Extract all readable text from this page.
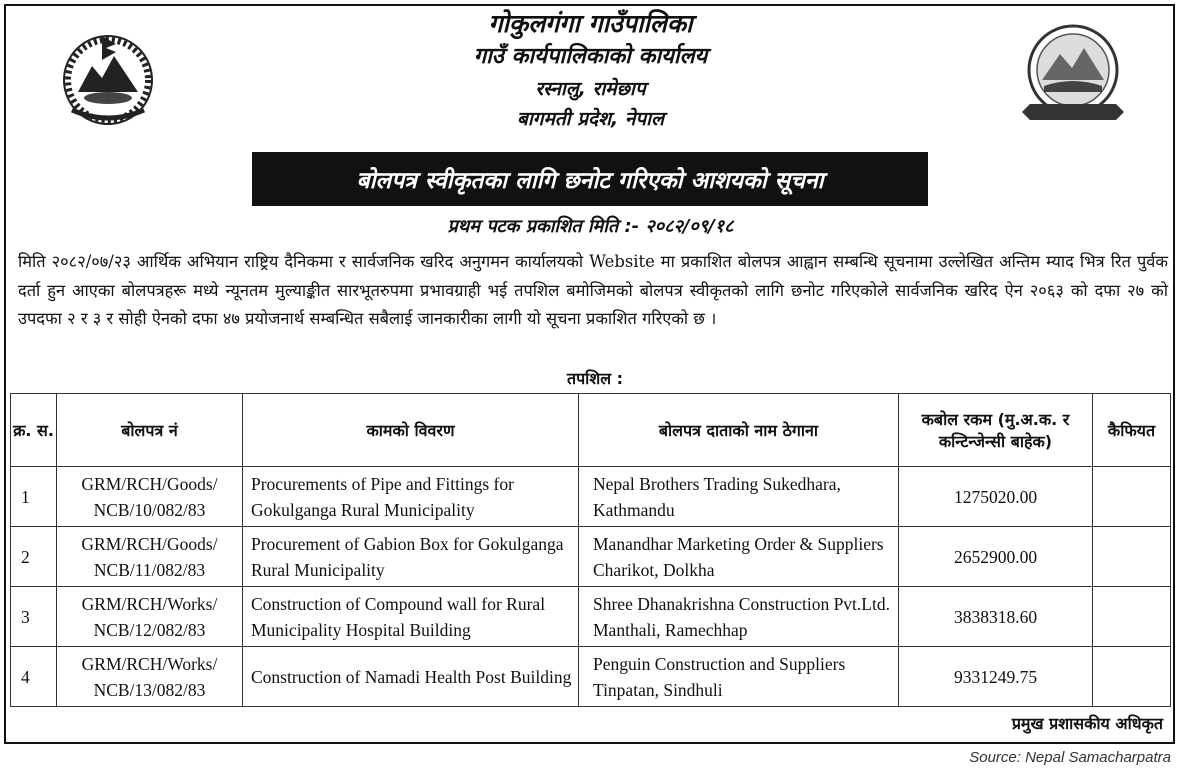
गोकुलगंगा गाउँपालिका
गाउँ कार्यपालिकाको कार्यालय
रस्नालु, रामेछाप
बागमती प्रदेश, नेपाल
बोलपत्र स्वीकृतका लागि छनोट गरिएको आशयको सूचना
प्रथम पटक प्रकाशित मिति :- २०८२/०९/१८
मिति २०८२/०७/२३ आर्थिक अभियान राष्ट्रिय दैनिकमा र सार्वजनिक खरिद अनुगमन कार्यालयको Website मा प्रकाशित बोलपत्र आह्वान सम्बन्धि सूचनामा उल्लेखित अन्तिम म्याद भित्र रित पुर्वक दर्ता हुन आएका बोलपत्रहरू मध्ये न्यूनतम मुल्याङ्कीत सारभूतरुपमा प्रभावग्राही भई तपशिल बमोजिमको बोलपत्र स्वीकृतको लागि छनोट गरिएकोले सार्वजनिक खरिद ऐन २०६३ को दफा २७ को उपदफा २ र ३ र सोही ऐनको दफा ४७ प्रयोजनार्थ सम्बन्धित सबैलाई जानकारीका लागी यो सूचना प्रकाशित गरिएको छ ।
तपशिल :
क्र. स.	बोलपत्र नं	कामको विवरण	बोलपत्र दाताको नाम ठेगाना	कबोल रकम (मु.अ.क. र कन्टिन्जेन्सी बाहेक)	कैफियत
1	GRM/RCH/Goods/ NCB/10/082/83	Procurements of Pipe and Fittings for Gokulganga Rural Municipality	Nepal Brothers Trading Sukedhara, Kathmandu	1275020.00	
2	GRM/RCH/Goods/ NCB/11/082/83	Procurement of Gabion Box for Gokulganga Rural Municipality	Manandhar Marketing Order & Suppliers Charikot, Dolkha	2652900.00	
3	GRM/RCH/Works/ NCB/12/082/83	Construction of Compound wall for Rural Municipality Hospital Building	Shree Dhanakrishna Construction Pvt.Ltd. Manthali, Ramechhap	3838318.60	
4	GRM/RCH/Works/ NCB/13/082/83	Construction of Namadi Health Post Building	Penguin Construction and Suppliers Tinpatan, Sindhuli	9331249.75	
प्रमुख प्रशासकीय अधिकृत
Source: Nepal Samacharpatra
